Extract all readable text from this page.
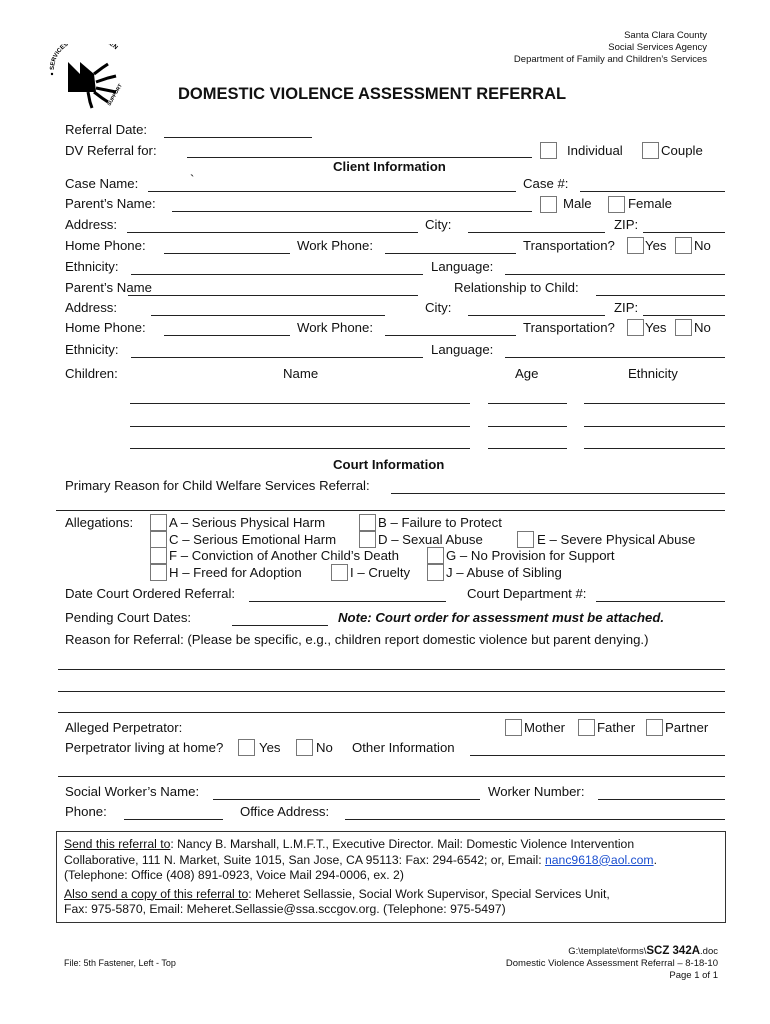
Santa Clara County
Social Services Agency
Department of Family and Children’s Services
SERVICES EN
SUPPORT	DOMESTIC VIOLENCE ASSESSMENT REFERRAL
Referral Date:
DV Referral for:	Individual	Couple
Client Information
Case Name:	`	Case #:
Parent’s Name:	Male	Female
Address:	City:	ZIP:
Home Phone:	Work Phone:	Transportation? Yes No
Ethnicity:	Language:
Parent’s Name	Relationship to Child:
Address:	City:	ZIP:
Home Phone:	Work Phone:	Transportation? Yes No
Ethnicity:	Language:
Children:	Name	Age	Ethnicity
Court Information
Primary Reason for Child Welfare Services Referral:
Allegations:	A – Serious Physical Harm	B – Failure to Protect
C – Serious Emotional Harm	D – Sexual Abuse	E – Severe Physical Abuse
F – Conviction of Another Child’s Death	G – No Provision for Support
H – Freed for Adoption	I – Cruelty	J – Abuse of Sibling
Date Court Ordered Referral:	Court Department #:
Pending Court Dates:	Note: Court order for assessment must be attached.
Reason for Referral: (Please be specific, e.g., children report domestic violence but parent denying.)
Alleged Perpetrator:	Mother Father Partner
Perpetrator living at home?	Yes	No Other Information
Social Worker’s Name:	Worker Number:
Phone:	Office Address:
Send this referral to: Nancy B. Marshall, L.M.F.T., Executive Director. Mail: Domestic Violence Intervention
Collaborative, 111 N. Market, Suite 1015, San Jose, CA 95113: Fax: 294-6542; or, Email: nanc9618@aol.com.
(Telephone: Office (408) 891-0923, Voice Mail 294-0006, ex. 2)
Also send a copy of this referral to: Meheret Sellassie, Social Work Supervisor, Special Services Unit,
Fax: 975-5870, Email: Meheret.Sellassie@ssa.sccgov.org. (Telephone: 975-5497)
File: 5th Fastener, Left - Top
G:\template\forms\SCZ 342A.doc
Domestic Violence Assessment Referral – 8-18-10
Page 1 of 1
